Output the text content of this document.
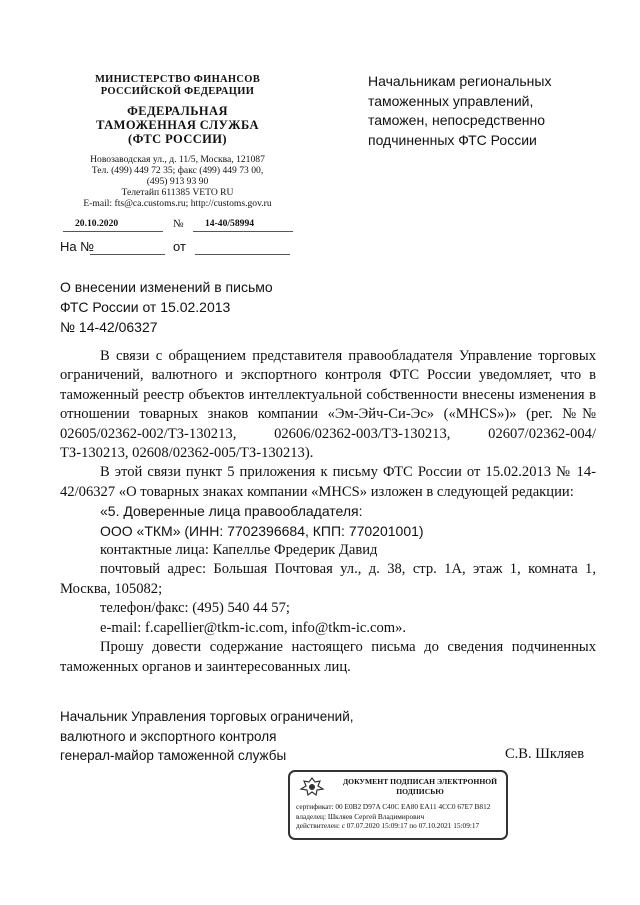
МИНИСТЕРСТВО ФИНАНСОВ
РОССИЙСКОЙ ФЕДЕРАЦИИ
ФЕДЕРАЛЬНАЯ
ТАМОЖЕННАЯ СЛУЖБА
(ФТС РОССИИ)
Новозаводская ул., д. 11/5, Москва, 121087
Тел. (499) 449 72 35; факс (499) 449 73 00,
(495) 913 93 90
Телетайп 611385 VETO RU
E-mail: fts@ca.customs.ru; http://customs.gov.ru
20.10.2020	№ 14-40/58994
На №	от
Начальникам региональных
таможенных управлений,
таможен, непосредственно
подчиненных ФТС России
О внесении изменений в письмо
ФТС России от 15.02.2013
№ 14-42/06327

В связи с обращением представителя правообладателя Управление торговых ограничений, валютного и экспортного контроля ФТС России уведомляет, что в таможенный реестр объектов интеллектуальной собственности внесены изменения в отношении товарных знаков компании «Эм-Эйч-Си-Эс» («MHCS»)» (рег. №№ 02605/02362-002/ТЗ-130213, 02606/02362-003/ТЗ-130213, 02607/02362-004/ТЗ-130213, 02608/02362-005/ТЗ-130213).

В этой связи пункт 5 приложения к письму ФТС России от 15.02.2013 № 14-42/06327 «О товарных знаках компании «MHCS» изложен в следующей редакции:

«5. Доверенные лица правообладателя:

ООО «ТКМ» (ИНН: 7702396684, КПП: 770201001)

контактные лица: Капеллье Фредерик Давид

почтовый адрес: Большая Почтовая ул., д. 38, стр. 1А, этаж 1, комната 1, Москва, 105082;

телефон/факс: (495) 540 44 57;

e-mail: f.capellier@tkm-ic.com, info@tkm-ic.com».

Прошу довести содержание настоящего письма до сведения подчиненных таможенных органов и заинтересованных лиц.

Начальник Управления торговых ограничений,
валютного и экспортного контроля
генерал-майор таможенной службы	С.В. Шкляев
ДОКУМЕНТ ПОДПИСАН ЭЛЕКТРОННОЙ ПОДПИСЬЮ
сертификат: 00 E0B2 D97A C40C EA80 EA11 4CC0 67E7 B812
владелец: Шкляев Сергей Владимирович
действителен: с 07.07.2020 15:09:17 по 07.10.2021 15:09:17
